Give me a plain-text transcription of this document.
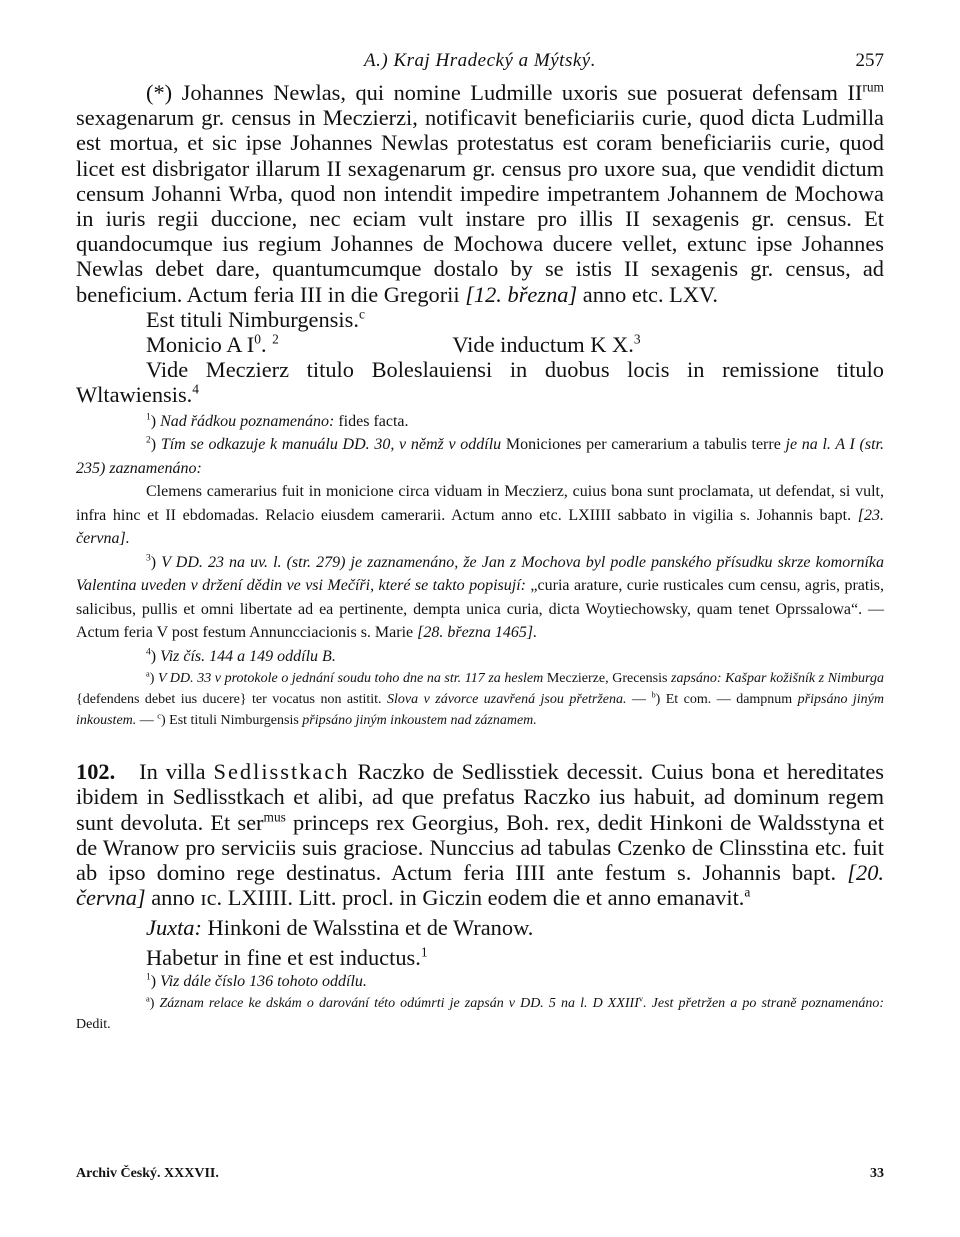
A.) Kraj Hradecký a Mýtský.	257

(*) Johannes Newlas, qui nomine Ludmille uxoris sue posuerat defensam $II^{rum}$ sexagenarum gr. census in Meczierzi, notificavit beneficiariis curie, quod dicta Ludmilla est mortua, et sic ipse Johannes Newlas protestatus est coram beneficiariis curie, quod licet est disbrigator illarum II sexagenarum gr. census pro uxore sua, que vendidit dictum censum Johanni Wrba, quod non intendit impedire impetrantem Johannem de Mochowa in iuris regii duccione, nec eciam vult instare pro illis II sexagenis gr. census. Et quandocumque ius regium Johannes de Mochowa ducere vellet, extunc ipse Johannes Newlas debet dare, quantumcumque dostalo by se istis II sexagenis gr. census, ad beneficium. Actum feria III in die Gregorii [12. března] anno etc. LXV.

Est tituli Nimburgensis.$^c$

Monicio A $I^0$. $^2$	Vide inductum K X.$^3$

Vide Meczierz titulo Boleslauiensi in duobus locis in remissione titulo Wltawiensis.$^4$

$^1$) Nad řádkou poznamenáno: fides facta.

$^2$) Tím se odkazuje k manuálu DD. 30, v němž v oddílu Moniciones per camerarium a tabulis terre je na l. A I (str. 235) zaznamenáno:

Clemens camerarius fuit in monicione circa viduam in Meczierz, cuius bona sunt proclamata, ut defendat, si vult, infra hinc et II ebdomadas. Relacio eiusdem camerarii. Actum anno etc. LXIIII sabbato in vigilia s. Johannis bapt. [23. června].

$^3$) V DD. 23 na uv. l. (str. 279) je zaznamenáno, že Jan z Mochova byl podle panského přísudku skrze komorníka Valentina uveden v držení dědin ve vsi Mečíři, které se takto popisují: „curia arature, curie rusticales cum censu, agris, pratis, salicibus, pullis et omni libertate ad ea pertinente, dempta unica curia, dicta Woytiechowsky, quam tenet Oprssalowa“. — Actum feria V post festum Annuncciacionis s. Marie [28. března 1465].

$^4$) Viz čís. 144 a 149 oddílu B.

$^a$) V DD. 33 v protokole o jednání soudu toho dne na str. 117 za heslem Meczierze, Grecensis zapsáno: Kašpar kožišník z Nimburga {defendens debet ius ducere} ter vocatus non astitit. Slova v závorce uzavřená jsou přetržena. — $^b$) Et com. — dampnum připsáno jiným inkoustem. — $^c$) Est tituli Nimburgensis připsáno jiným inkoustem nad záznamem.

102. In villa Sedlisstkach Raczko de Sedlisstiek decessit. Cuius bona et hereditates ibidem in Sedlisstkach et alibi, ad que prefatus Raczko ius habuit, ad dominum regem sunt devoluta. Et ser$^{mus}$ princeps rex Georgius, Boh. rex, dedit Hinkoni de Waldsstyna et de Wranow pro serviciis suis graciose. Nunccius ad tabulas Czenko de Clinsstina etc. fuit ab ipso domino rege destinatus. Actum feria IIII ante festum s. Johannis bapt. [20. června] anno ɪc. LXIIII. Litt. procl. in Giczin eodem die et anno emanavit.$^a$

Juxta: Hinkoni de Walsstina et de Wranow.

Habetur in fine et est inductus.$^1$

$^1$) Viz dále číslo 136 tohoto oddílu.

$^a$) Záznam relace ke dskám o darování této odúmrti je zapsán v DD. 5 na l. D XXIII$^v$. Jest přetržen a po straně poznamenáno: Dedit.

Archiv Český. XXXVII.	33
